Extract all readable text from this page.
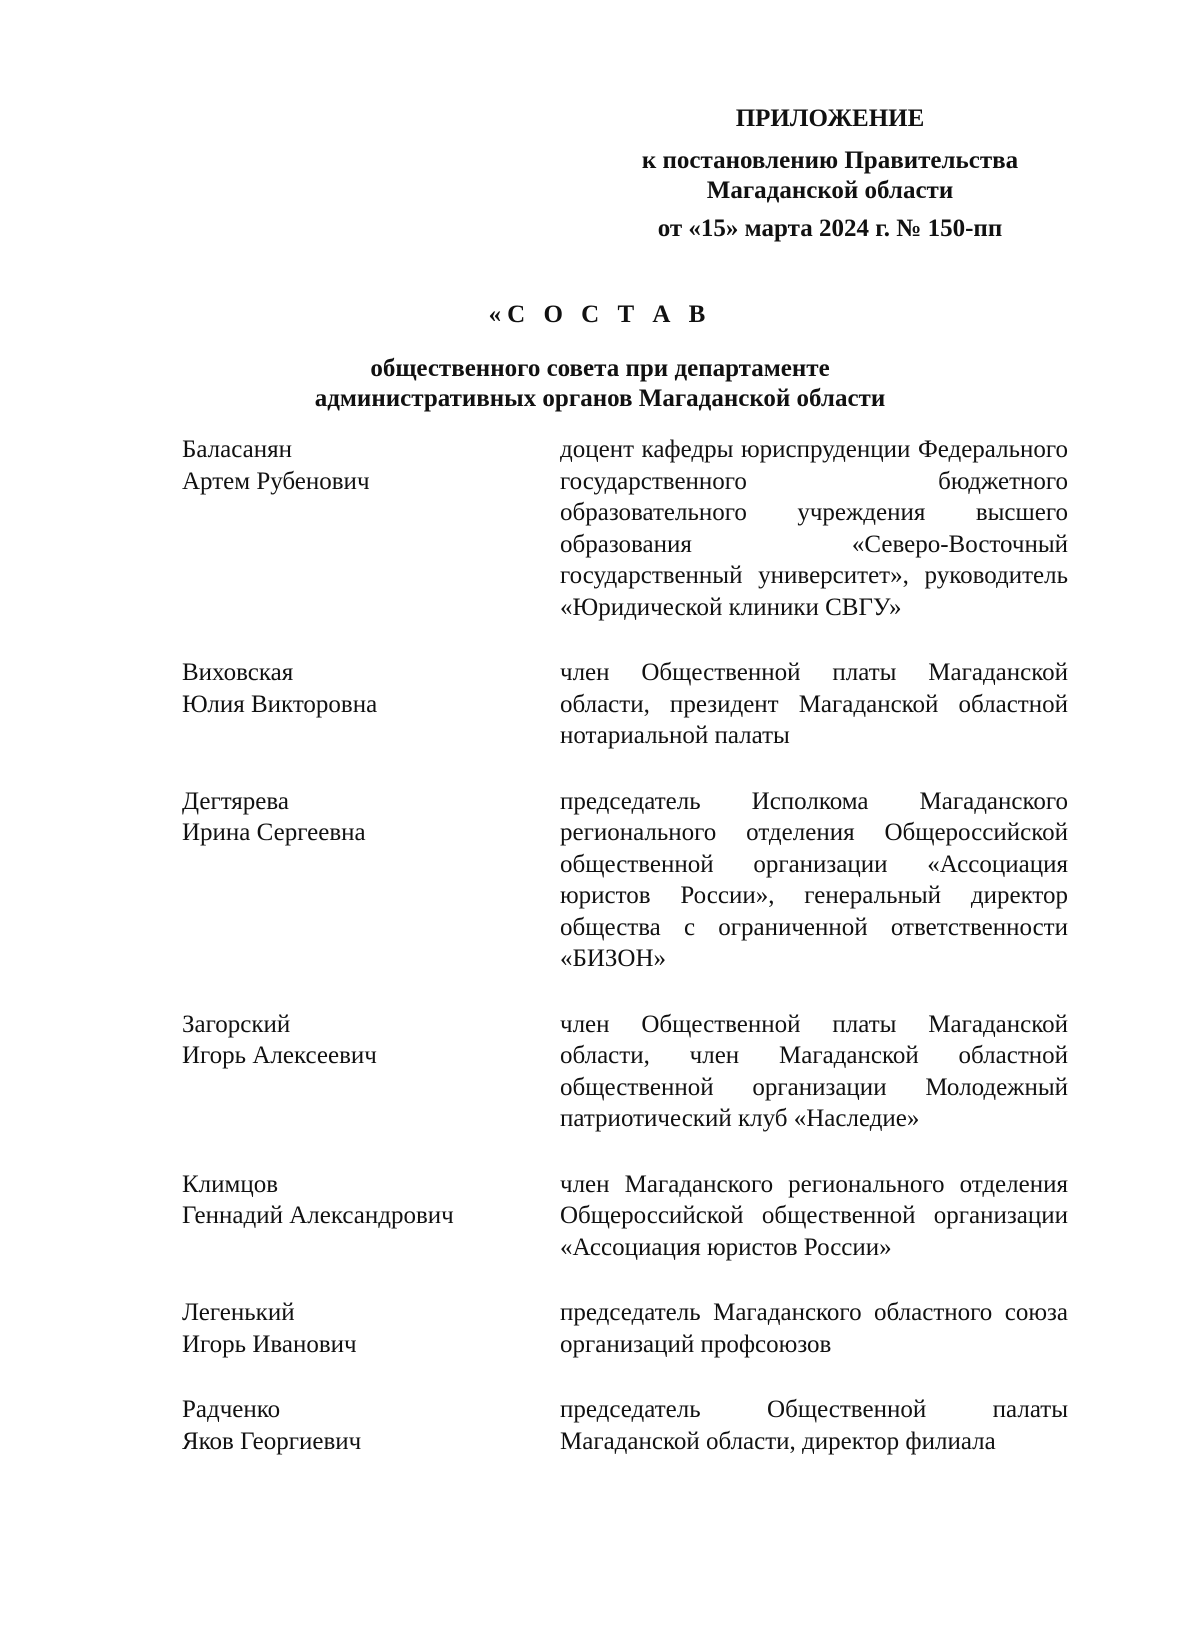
ПРИЛОЖЕНИЕ
к постановлению Правительства
Магаданской области
от «15» марта 2024 г. № 150-пп
«С О С Т А В
общественного совета при департаменте
административных органов Магаданской области
Баласанян
Артем Рубенович
доцент кафедры юриспруденции Федерального государственного бюджетного образовательного учреждения высшего образования «Северо-Восточный государственный университет», руководитель «Юридической клиники СВГУ»
Виховская
Юлия Викторовна
член Общественной платы Магаданской области, президент Магаданской областной нотариальной палаты
Дегтярева
Ирина Сергеевна
председатель Исполкома Магаданского регионального отделения Общероссийской общественной организации «Ассоциация юристов России», генеральный директор общества с ограниченной ответственности «БИЗОН»
Загорский
Игорь Алексеевич
член Общественной платы Магаданской области, член Магаданской областной общественной организации Молодежный патриотический клуб «Наследие»
Климцов
Геннадий Александрович
член Магаданского регионального отделения Общероссийской общественной организации «Ассоциация юристов России»
Легенький
Игорь Иванович
председатель Магаданского областного союза организаций профсоюзов
Радченко
Яков Георгиевич
председатель Общественной палаты Магаданской области, директор филиала
